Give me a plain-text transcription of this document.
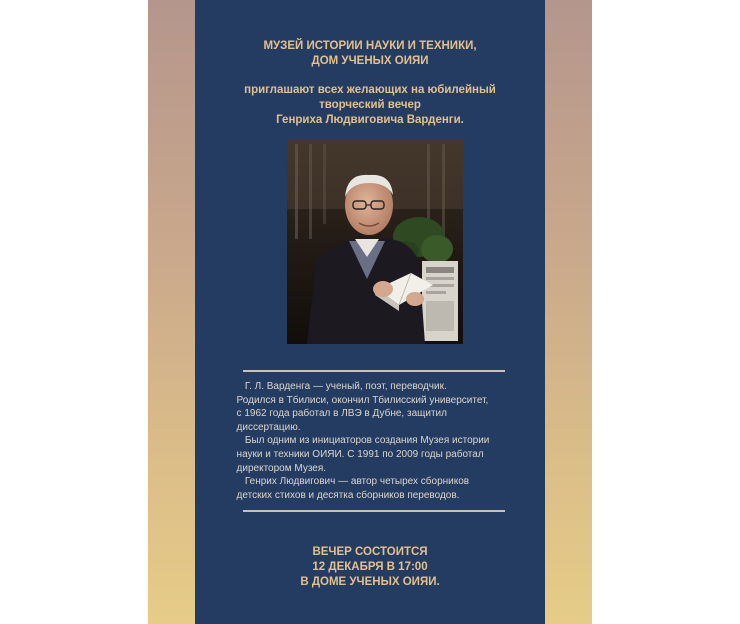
МУЗЕЙ ИСТОРИИ НАУКИ И ТЕХНИКИ,
ДОМ УЧЕНЫХ ОИЯИ
приглашают всех желающих на юбилейный
творческий вечер
Генриха Людвиговича Варденги.
Г. Л. Варденга — ученый, поэт, переводчик.
Родился в Тбилиси, окончил Тбилисский университет,
с 1962 года работал в ЛВЭ в Дубне, защитил
диссертацию.
Был одним из инициаторов создания Музея истории
науки и техники ОИЯИ. С 1991 по 2009 годы работал
директором Музея.
Генрих Людвигович — автор четырех сборников
детских стихов и десятка сборников переводов.
ВЕЧЕР СОСТОИТСЯ
12 ДЕКАБРЯ В 17:00
В ДОМЕ УЧЕНЫХ ОИЯИ.
